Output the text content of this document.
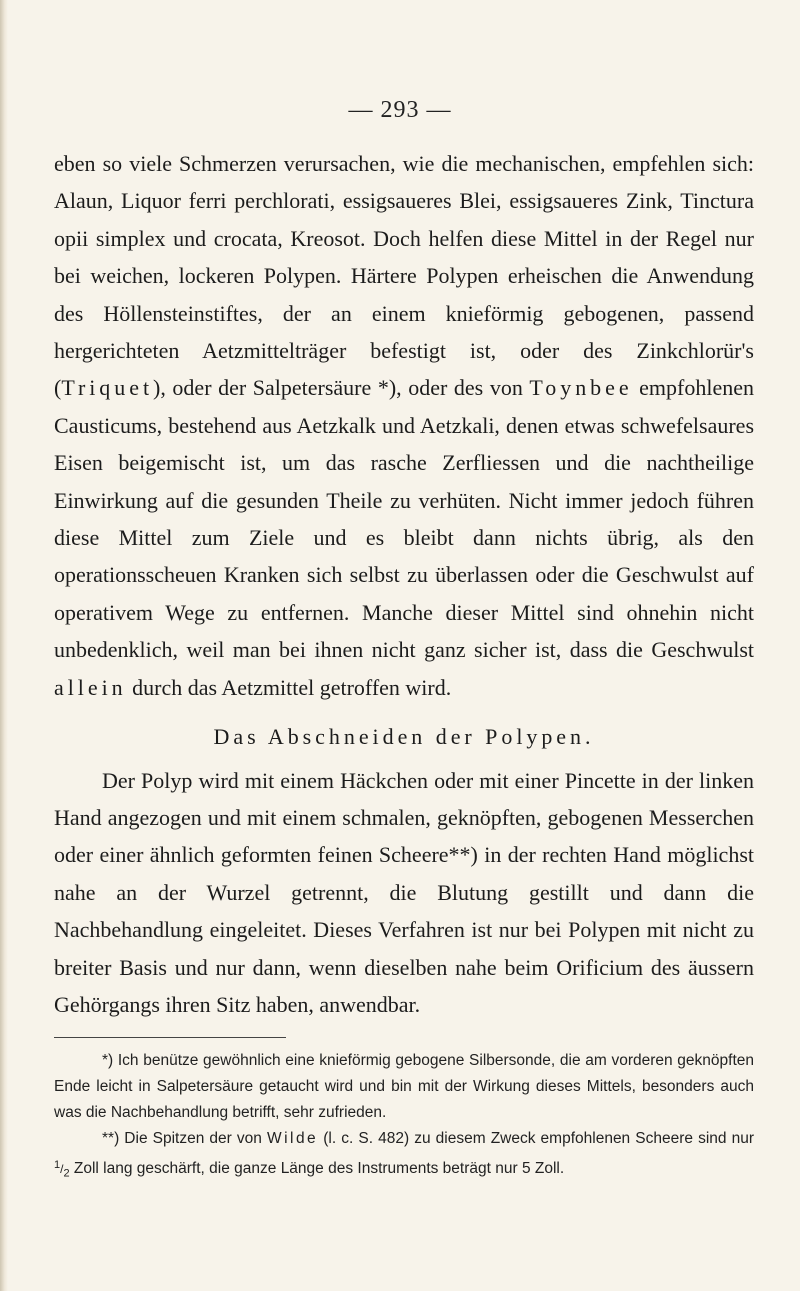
— 293 —

eben so viele Schmerzen verursachen, wie die mechanischen, empfehlen sich: Alaun, Liquor ferri perchlorati, essigsaueres Blei, essigsaueres Zink, Tinctura opii simplex und crocata, Kreosot. Doch helfen diese Mittel in der Regel nur bei weichen, lockeren Polypen. Härtere Polypen erheischen die Anwendung des Höllensteinstiftes, der an einem knieförmig gebogenen, passend hergerichteten Aetzmittelträger befestigt ist, oder des Zinkchlorür's (Triquet), oder der Salpetersäure *), oder des von Toynbee empfohlenen Causticums, bestehend aus Aetzkalk und Aetzkali, denen etwas schwefelsaures Eisen beigemischt ist, um das rasche Zerfliessen und die nachtheilige Einwirkung auf die gesunden Theile zu verhüten. Nicht immer jedoch führen diese Mittel zum Ziele und es bleibt dann nichts übrig, als den operationsscheuen Kranken sich selbst zu überlassen oder die Geschwulst auf operativem Wege zu entfernen. Manche dieser Mittel sind ohnehin nicht unbedenklich, weil man bei ihnen nicht ganz sicher ist, dass die Geschwulst allein durch das Aetzmittel getroffen wird.

Das Abschneiden der Polypen.

Der Polyp wird mit einem Häckchen oder mit einer Pincette in der linken Hand angezogen und mit einem schmalen, geknöpften, gebogenen Messerchen oder einer ähnlich geformten feinen Scheere**) in der rechten Hand möglichst nahe an der Wurzel getrennt, die Blutung gestillt und dann die Nachbehandlung eingeleitet. Dieses Verfahren ist nur bei Polypen mit nicht zu breiter Basis und nur dann, wenn dieselben nahe beim Orificium des äussern Gehörgangs ihren Sitz haben, anwendbar.

*) Ich benütze gewöhnlich eine knieförmig gebogene Silbersonde, die am vorderen geknöpften Ende leicht in Salpetersäure getaucht wird und bin mit der Wirkung dieses Mittels, besonders auch was die Nachbehandlung betrifft, sehr zufrieden.

**) Die Spitzen der von Wilde (l. c. S. 482) zu diesem Zweck empfohlenen Scheere sind nur $^1/_2$ Zoll lang geschärft, die ganze Länge des Instruments beträgt nur 5 Zoll.
